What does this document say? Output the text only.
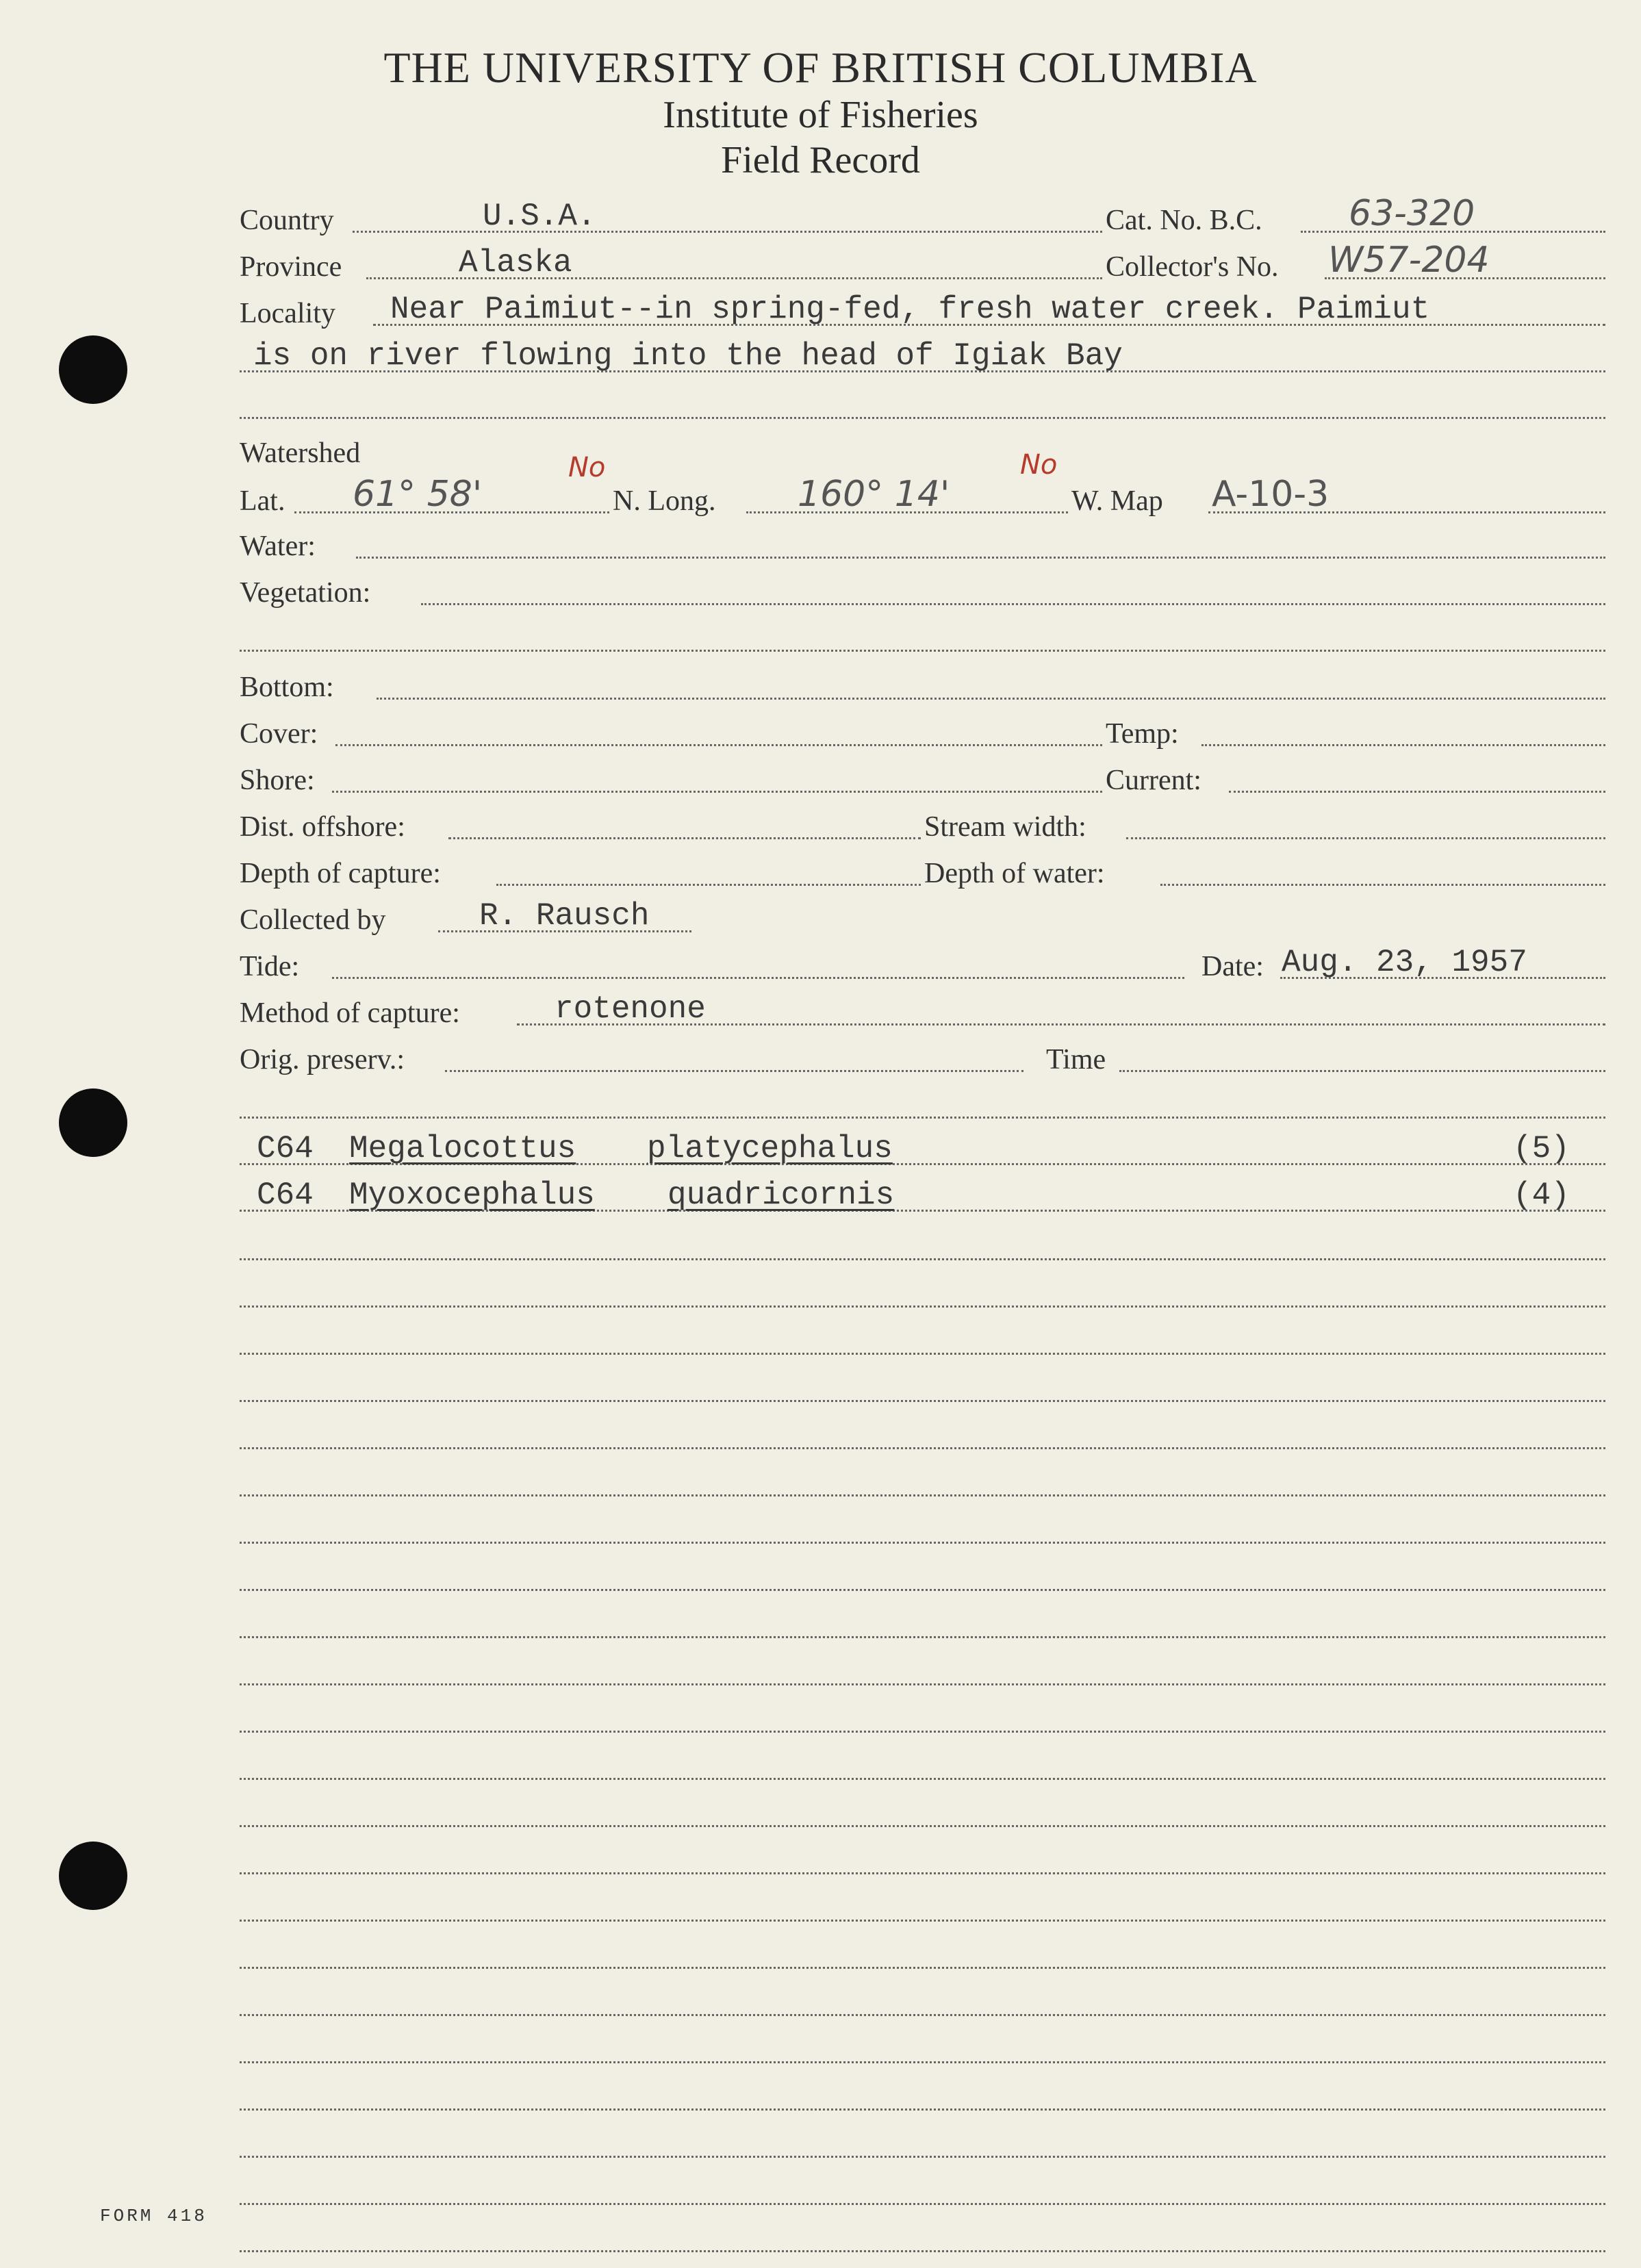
THE UNIVERSITY OF BRITISH COLUMBIA
Institute of Fisheries
Field Record
Country	U.S.A.	Cat. No. B.C. 63-320
Province	Alaska	Collector's No. W57-204
Locality Near Paimiut--in spring-fed, fresh water creek. Paimiut
is on river flowing into the head of Igiak Bay
Watershed
Lat. 61° 58'
No
N. Long. 160° 14'
No
W. Map A-10-3
Water:
Vegetation:
Bottom:
Cover:	Temp:
Shore:	Current:
Dist. offshore:	Stream width:
Depth of capture:	Depth of water:
Collected by	R. Rausch
Tide:	Date: Aug. 23, 1957
Method of capture:	rotenone
Orig. preserv.:	Time
C64 Megalocottus platycephalus	(5)
C64 Myoxocephalus quadricornis	(4)
FORM 418
